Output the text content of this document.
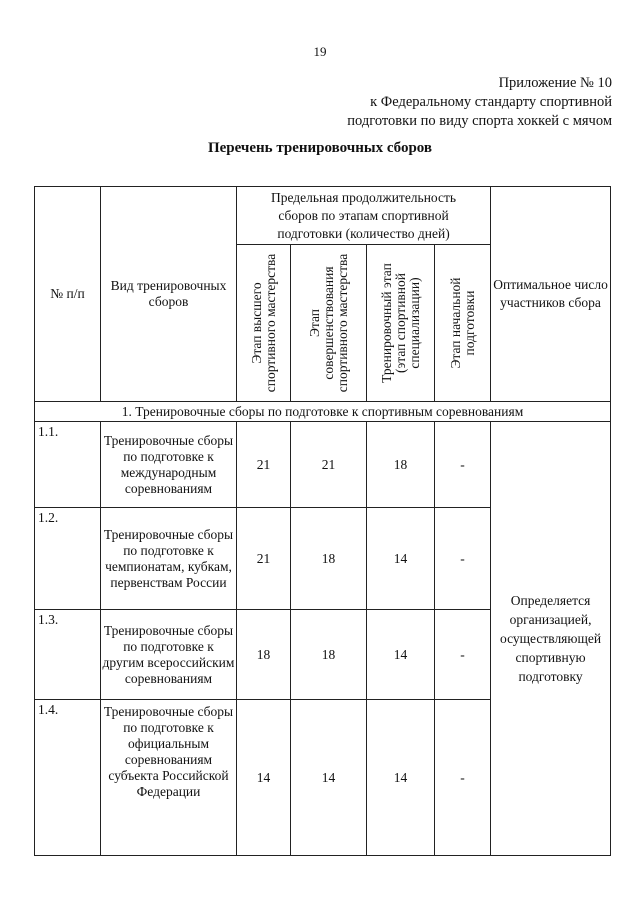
19
Приложение № 10
к Федеральному стандарту спортивной
подготовки по виду спорта хоккей с мячом
Перечень тренировочных сборов
№ п/п	Вид тренировочных сборов	Предельная продолжительность сборов по этапам спортивной подготовки (количество дней)				Оптимальное число участников сбора

		Этап высшего спортивного мастерства	Этап совершенствования спортивного мастерства	Тренировочный этап (этап спортивной специализации)	Этап начальной подготовки	

1. Тренировочные сборы по подготовке к спортивным соревнованиям						
1.1.	Тренировочные сборы по подготовке к международным соревнованиям	21	21	18	-	Определяется организацией, осуществляющей спортивную подготовку
1.2.	Тренировочные сборы по подготовке к чемпионатам, кубкам, первенствам России	21	18	14	-	
1.3.	Тренировочные сборы по подготовке к другим всероссийским соревнованиям	18	18	14	-	
1.4.	Тренировочные сборы по подготовке к официальным соревнованиям субъекта Российской Федерации	14	14	14	-	
